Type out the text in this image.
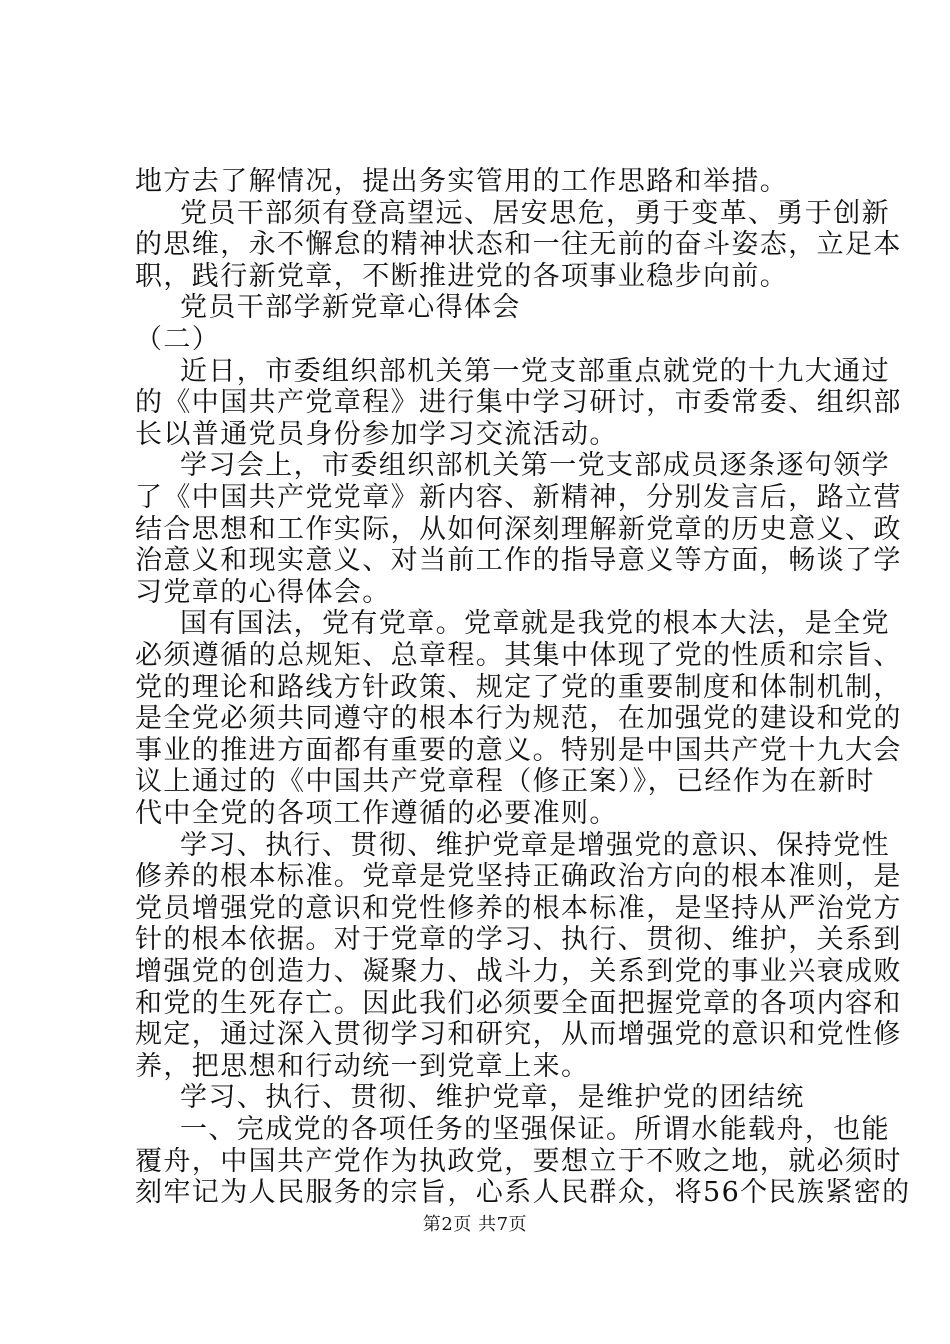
地方去了解情况，提出务实管用的工作思路和举措。
党员干部须有登高望远、居安思危，勇于变革、勇于创新
的思维，永不懈怠的精神状态和一往无前的奋斗姿态，立足本
职，践行新党章，不断推进党的各项事业稳步向前。
党员干部学新党章心得体会
（二）
近日，市委组织部机关第一党支部重点就党的十九大通过
的《中国共产党章程》进行集中学习研讨，市委常委、组织部
长以普通党员身份参加学习交流活动。
学习会上，市委组织部机关第一党支部成员逐条逐句领学
了《中国共产党党章》新内容、新精神，分别发言后，路立营
结合思想和工作实际，从如何深刻理解新党章的历史意义、政
治意义和现实意义、对当前工作的指导意义等方面，畅谈了学
习党章的心得体会。
国有国法，党有党章。党章就是我党的根本大法，是全党
必须遵循的总规矩、总章程。其集中体现了党的性质和宗旨、
党的理论和路线方针政策、规定了党的重要制度和体制机制，
是全党必须共同遵守的根本行为规范，在加强党的建设和党的
事业的推进方面都有重要的意义。特别是中国共产党十九大会
议上通过的《中国共产党章程（修正案）》，已经作为在新时
代中全党的各项工作遵循的必要准则。
学习、执行、贯彻、维护党章是增强党的意识、保持党性
修养的根本标准。党章是党坚持正确政治方向的根本准则，是
党员增强党的意识和党性修养的根本标准，是坚持从严治党方
针的根本依据。对于党章的学习、执行、贯彻、维护，关系到
增强党的创造力、凝聚力、战斗力，关系到党的事业兴衰成败
和党的生死存亡。因此我们必须要全面把握党章的各项内容和
规定，通过深入贯彻学习和研究，从而增强党的意识和党性修
养，把思想和行动统一到党章上来。
学习、执行、贯彻、维护党章，是维护党的团结统
一、完成党的各项任务的坚强保证。所谓水能载舟，也能
覆舟，中国共产党作为执政党，要想立于不败之地，就必须时
刻牢记为人民服务的宗旨，心系人民群众，将56个民族紧密的
第2页 共7页
